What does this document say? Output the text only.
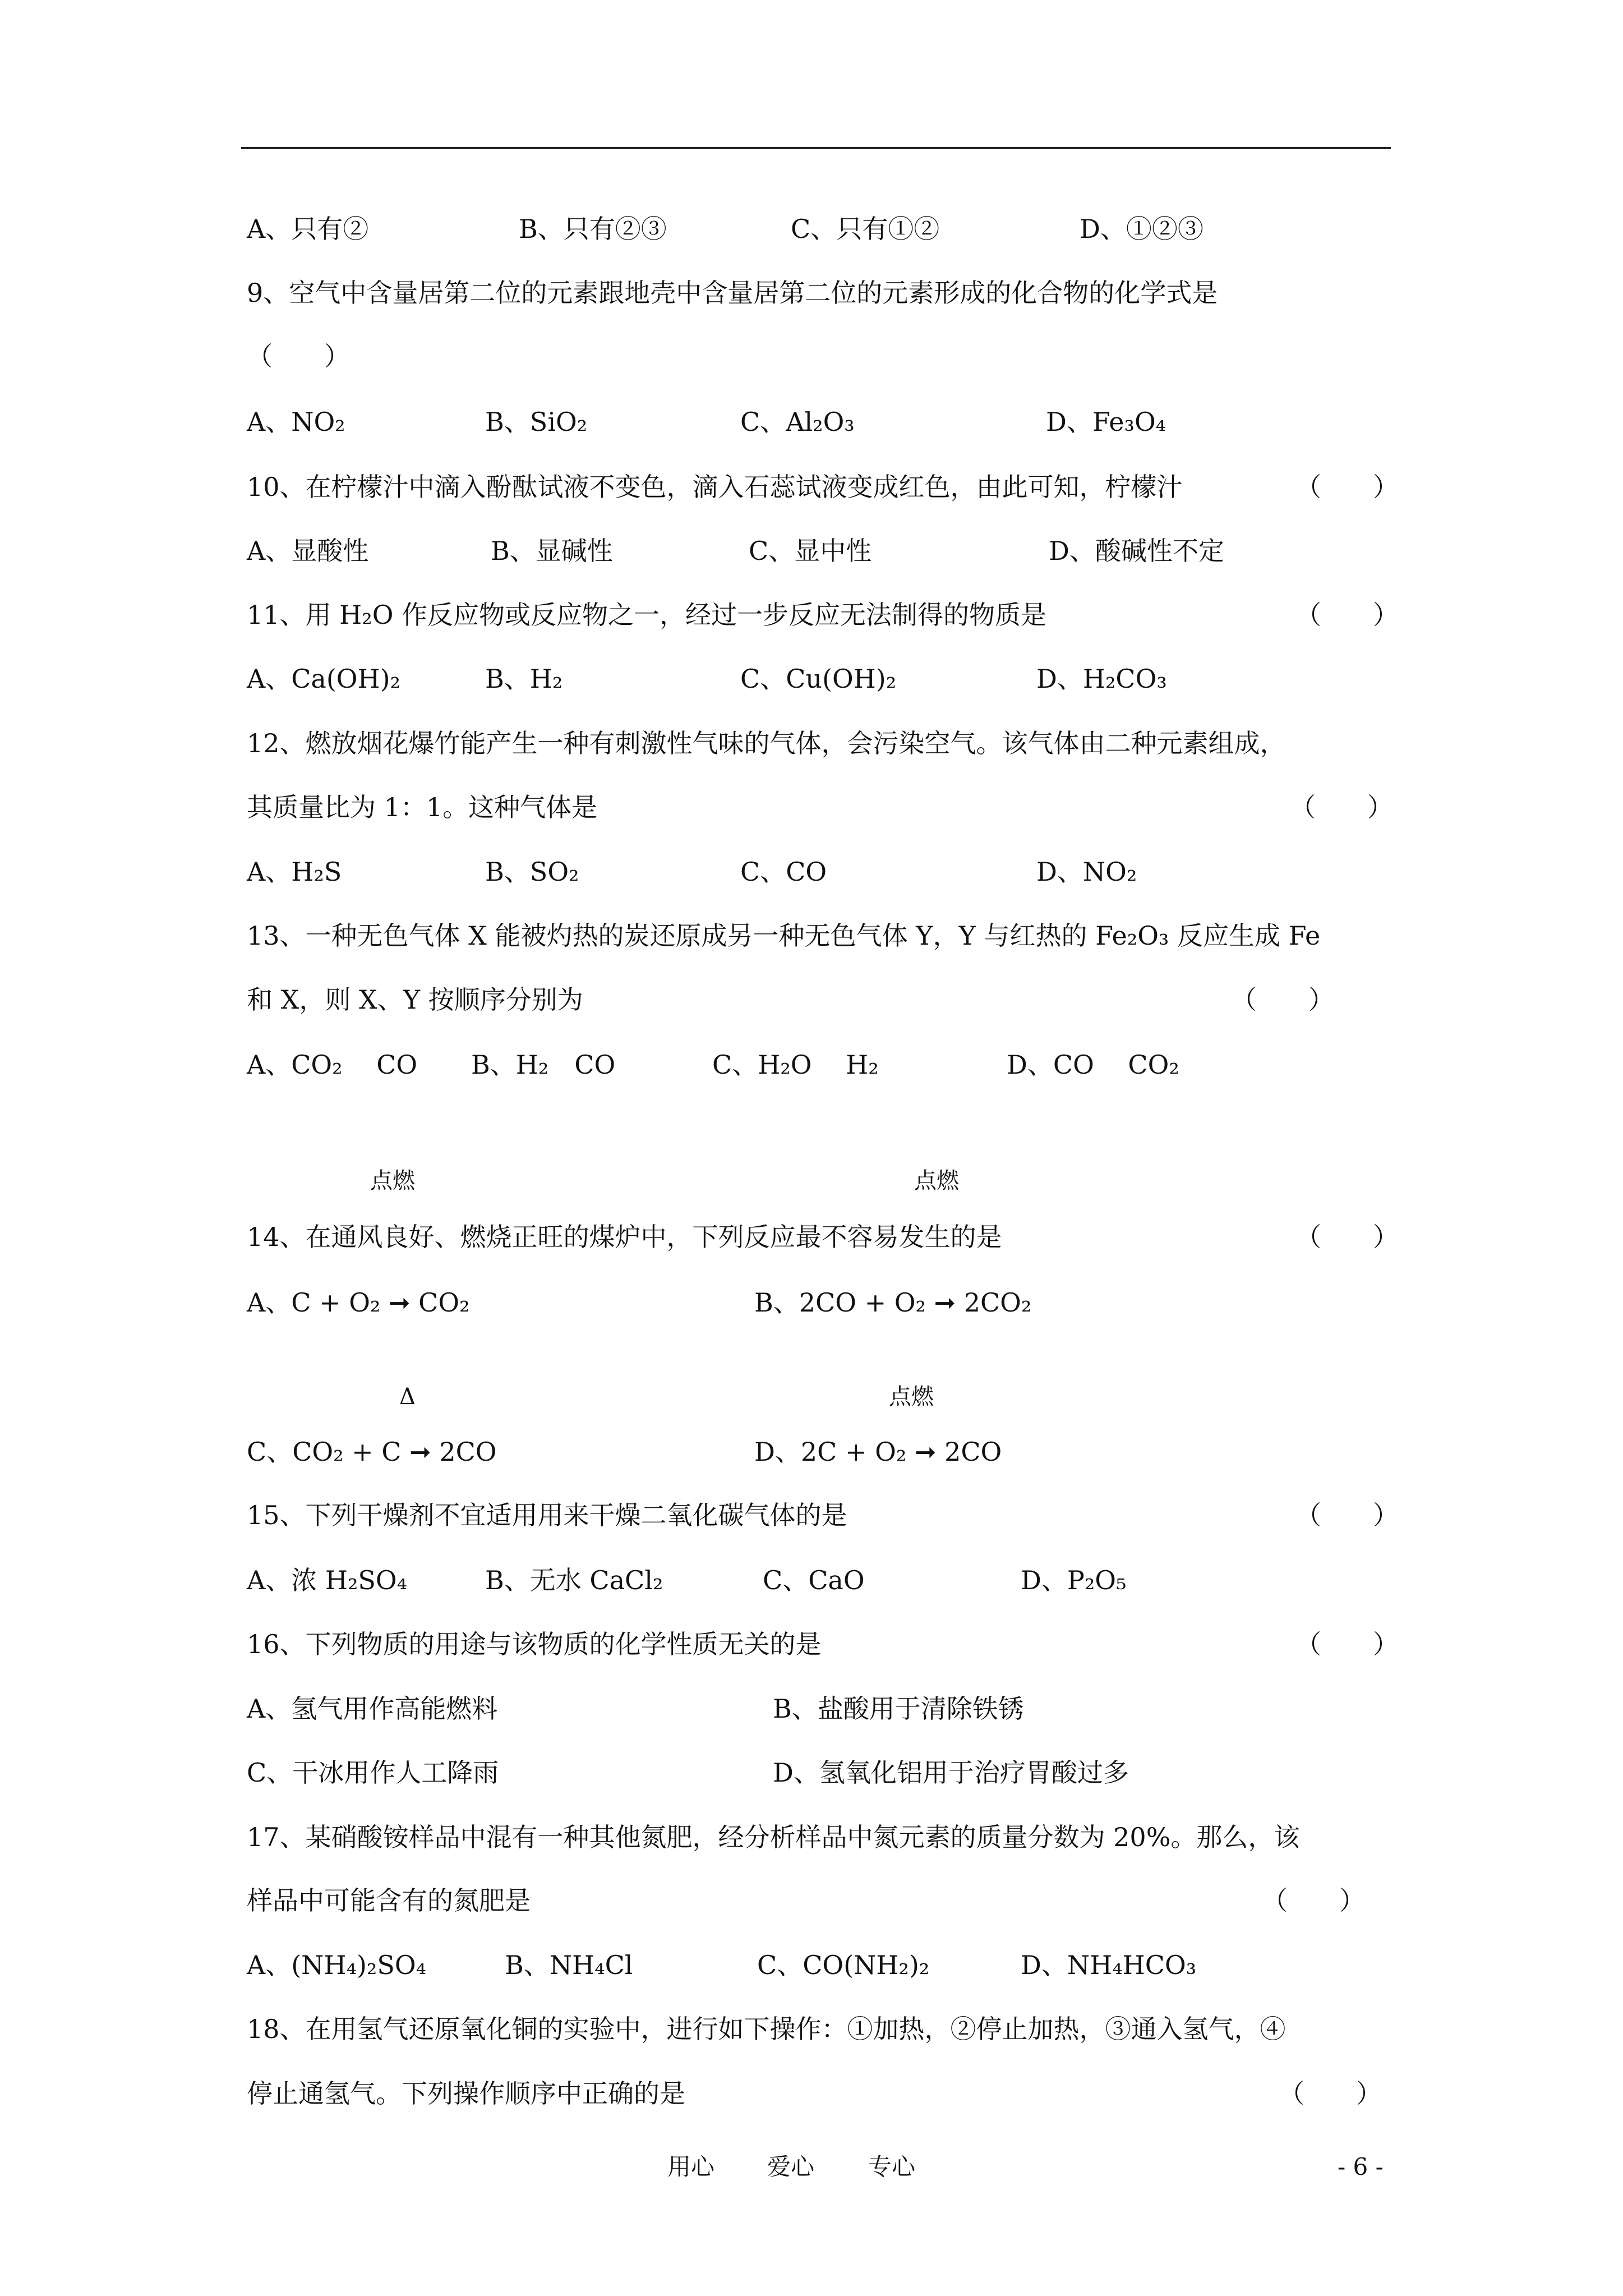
A、只有②	B、只有②③	C、只有①②	D、①②③
9、空气中含量居第二位的元素跟地壳中含量居第二位的元素形成的化合物的化学式是
（　　）
A、NO₂	B、SiO₂	C、Al₂O₃	D、Fe₃O₄
10、在柠檬汁中滴入酚酞试液不变色，滴入石蕊试液变成红色，由此可知，柠檬汁	（　　）
A、显酸性	B、显碱性	C、显中性	D、酸碱性不定
11、用 H₂O 作反应物或反应物之一，经过一步反应无法制得的物质是	（　　）
A、Ca(OH)₂	B、H₂	C、Cu(OH)₂	D、H₂CO₃
12、燃放烟花爆竹能产生一种有刺激性气味的气体，会污染空气。该气体由二种元素组成，
其质量比为 1：1。这种气体是	（　　）
A、H₂S	B、SO₂	C、CO	D、NO₂
13、一种无色气体 X 能被灼热的炭还原成另一种无色气体 Y，Y 与红热的 Fe₂O₃ 反应生成 Fe
和 X，则 X、Y 按顺序分别为	（　　）
A、CO₂　 CO B、H₂　CO	C、H₂O　 H₂	D、CO　 CO₂
点燃	点燃
14、在通风良好、燃烧正旺的煤炉中，下列反应最不容易发生的是	（　　）
A、C + O₂ ➞ CO₂	B、2CO + O₂ ➞ 2CO₂
Δ	点燃
C、CO₂ + C ➞ 2CO	D、2C + O₂ ➞ 2CO
15、下列干燥剂不宜适用用来干燥二氧化碳气体的是	（　　）
A、浓 H₂SO₄	B、无水 CaCl₂	C、CaO	D、P₂O₅
16、下列物质的用途与该物质的化学性质无关的是	（　　）
A、氢气用作高能燃料	B、盐酸用于清除铁锈
C、干冰用作人工降雨	D、氢氧化铝用于治疗胃酸过多
17、某硝酸铵样品中混有一种其他氮肥，经分析样品中氮元素的质量分数为 20%。那么，该
样品中可能含有的氮肥是	（　　）
A、(NH₄)₂SO₄	B、NH₄Cl	C、CO(NH₂)₂	D、NH₄HCO₃
18、在用氢气还原氧化铜的实验中，进行如下操作：①加热，②停止加热，③通入氢气，④
停止通氢气。下列操作顺序中正确的是	（　　）
用心 爱心 专心	- 6 -
